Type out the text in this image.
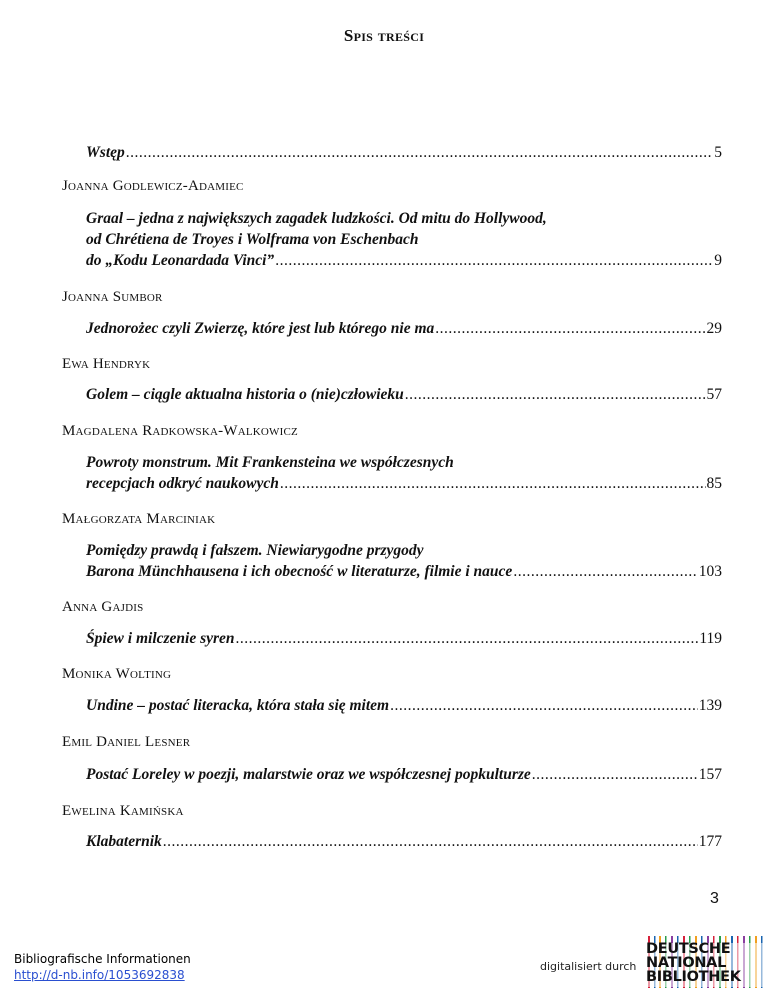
Spis treści
Wstęp .....	5
Joanna Godlewicz-Adamiec
Graal – jedna z największych zagadek ludzkości. Od mitu do Hollywood,
od Chrétiena de Troyes i Wolframa von Eschenbach
do „Kodu Leonardada Vinci” .....	9
Joanna Sumbor
Jednorożec czyli Zwierzę, które jest lub którego nie ma .....	29
Ewa Hendryk
Golem – ciągle aktualna historia o (nie)człowieku .....	57
Magdalena Radkowska-Walkowicz
Powroty monstrum. Mit Frankensteina we współczesnych
recepcjach odkryć naukowych .....	85
Małgorzata Marciniak
Pomiędzy prawdą i fałszem. Niewiarygodne przygody
Barona Münchhausena i ich obecność w literaturze, filmie i nauce .....	103
Anna Gajdis
Śpiew i milczenie syren .....	119
Monika Wolting
Undine – postać literacka, która stała się mitem .....	139
Emil Daniel Lesner
Postać Loreley w poezji, malarstwie oraz we współczesnej popkulturze .....	157
Ewelina Kamińska
Klabaternik .....	177
3
Bibliografische Informationen
http://d-nb.info/1053692838
digitalisiert durch
DEUTSCHE
NATIONAL
BIBLIOTHEK
